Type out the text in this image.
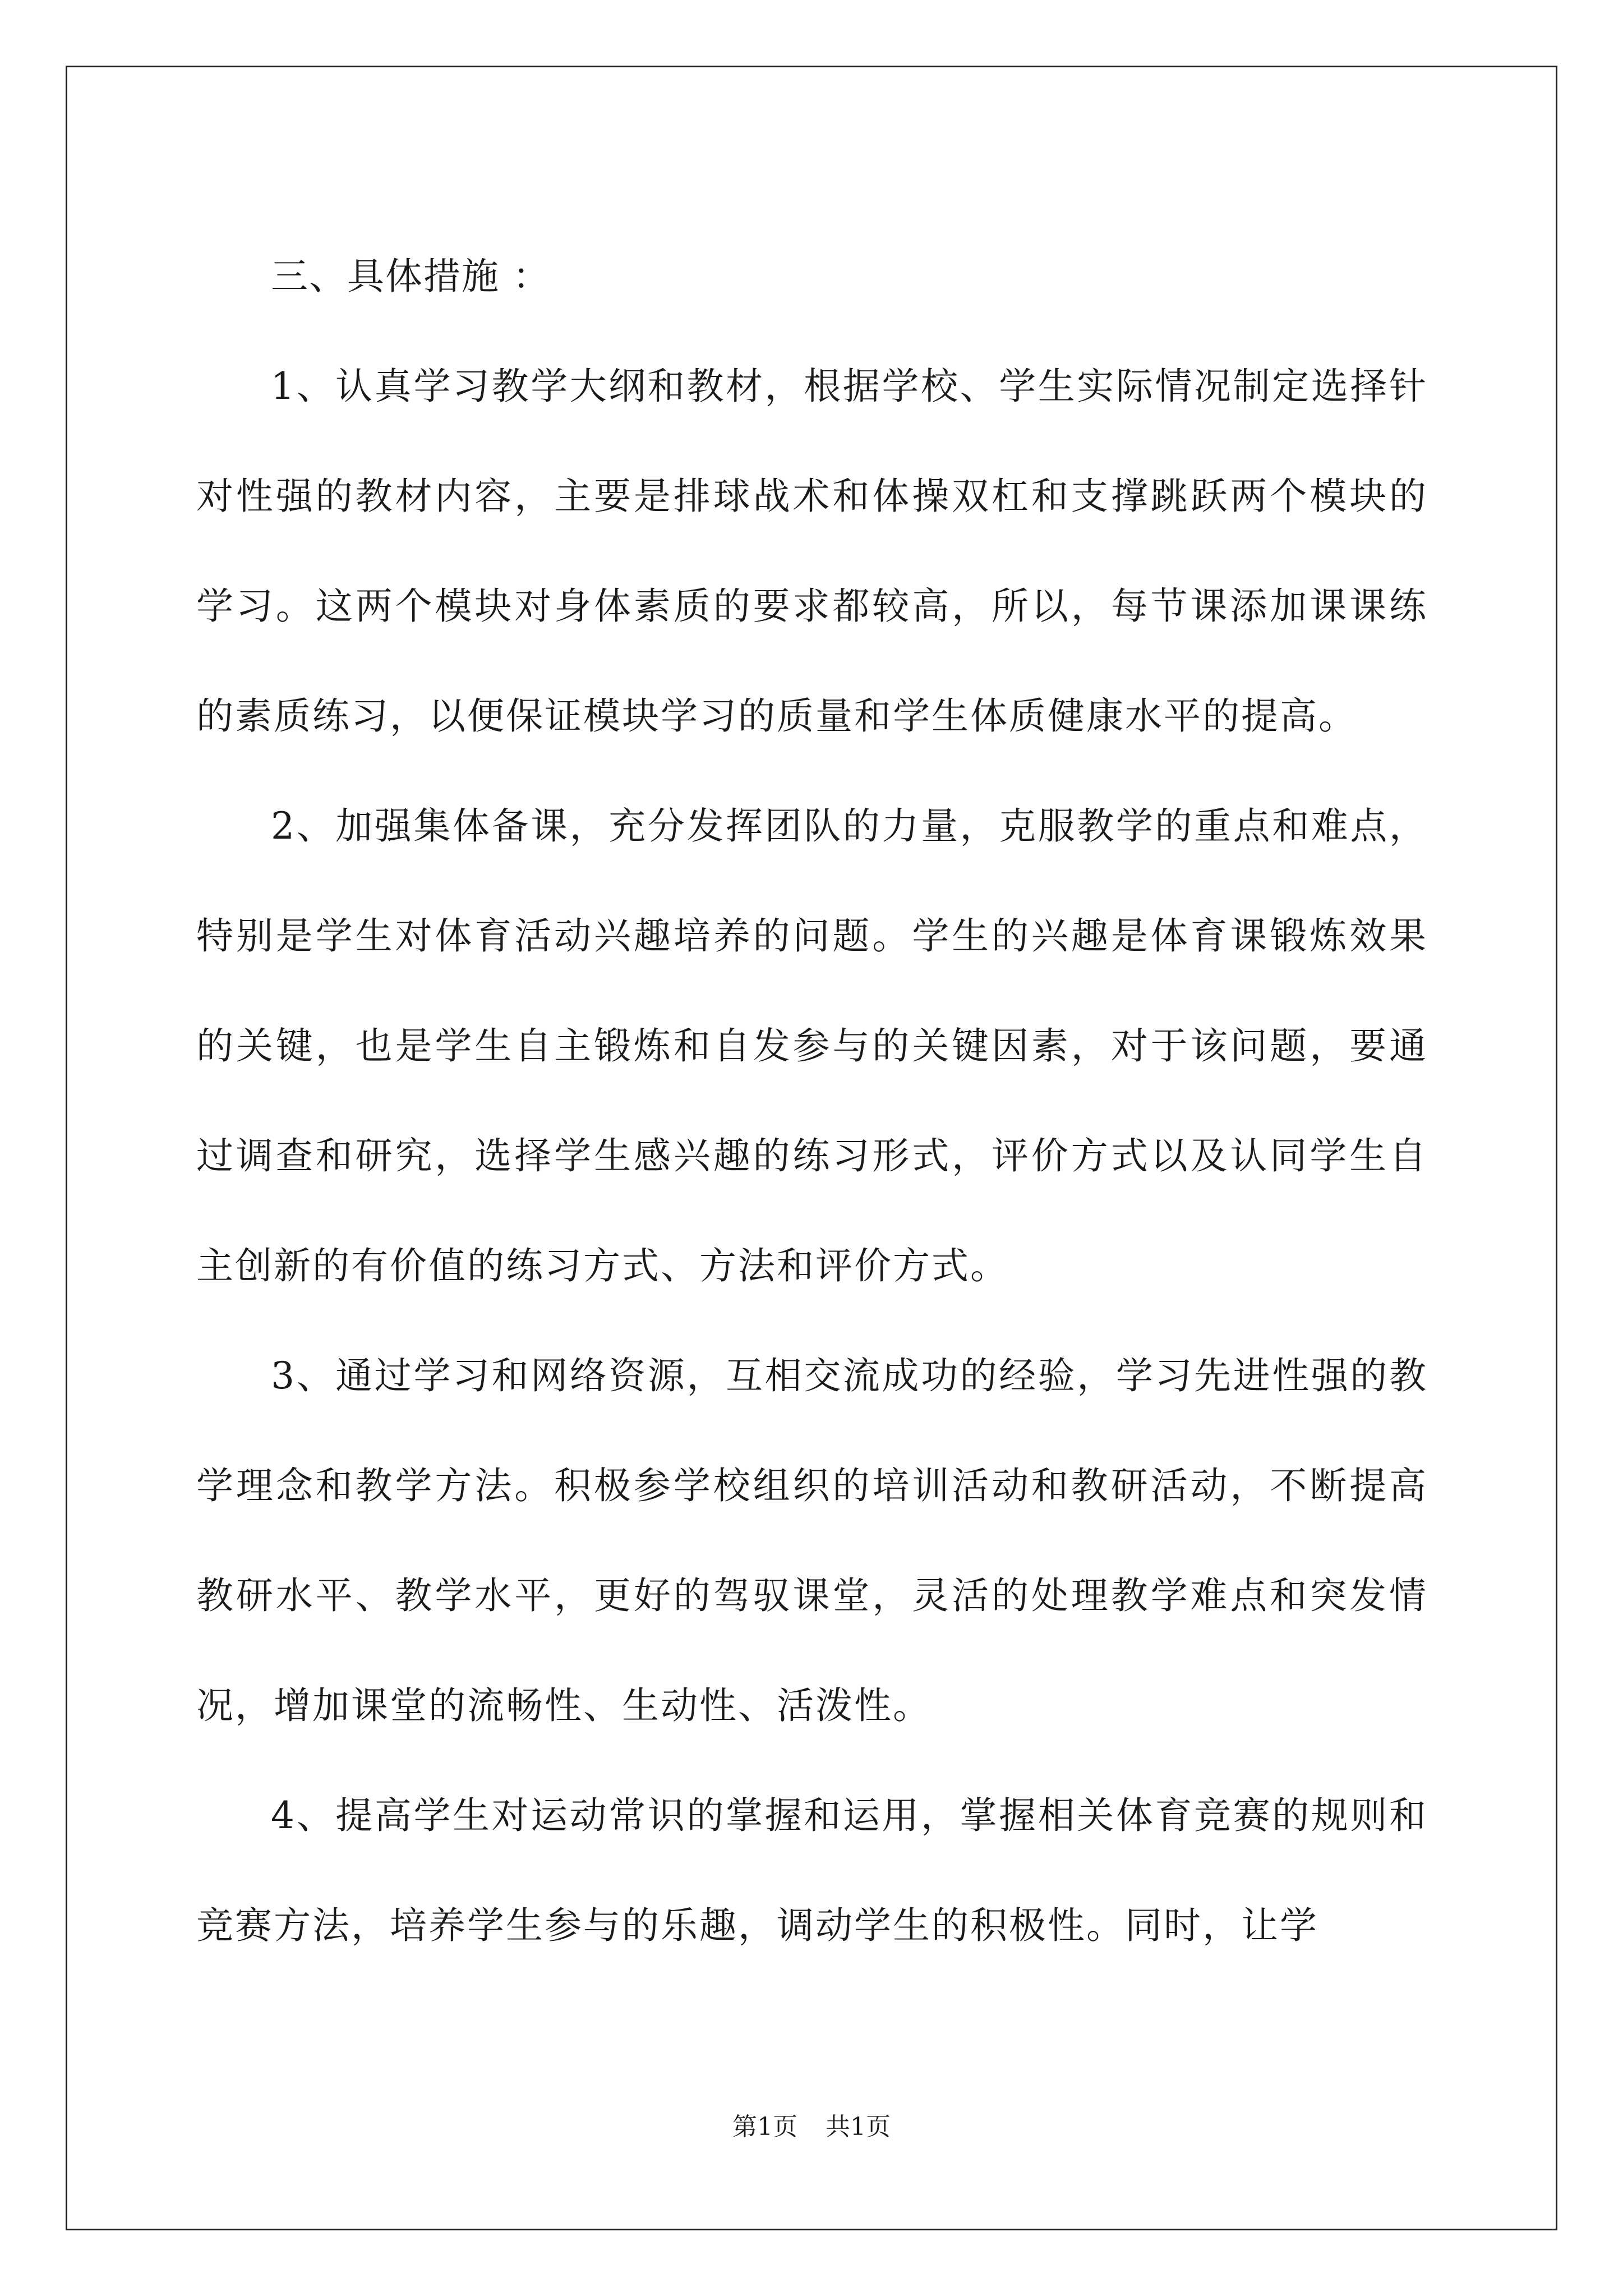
三、具体措施 ：

1、认真学习教学大纲和教材，根据学校、学生实际情况制定选择针对性强的教材内容，主要是排球战术和体操双杠和支撑跳跃两个模块的学习。这两个模块对身体素质的要求都较高，所以，每节课添加课课练的素质练习，以便保证模块学习的质量和学生体质健康水平的提高。

2、加强集体备课，充分发挥团队的力量，克服教学的重点和难点，特别是学生对体育活动兴趣培养的问题。学生的兴趣是体育课锻炼效果的关键，也是学生自主锻炼和自发参与的关键因素，对于该问题，要通过调查和研究，选择学生感兴趣的练习形式，评价方式以及认同学生自主创新的有价值的练习方式、方法和评价方式。

3、通过学习和网络资源，互相交流成功的经验，学习先进性强的教学理念和教学方法。积极参学校组织的培训活动和教研活动，不断提高教研水平、教学水平，更好的驾驭课堂，灵活的处理教学难点和突发情况，增加课堂的流畅性、生动性、活泼性。

4、提高学生对运动常识的掌握和运用，掌握相关体育竞赛的规则和竞赛方法，培养学生参与的乐趣，调动学生的积极性。同时，让学

第1页 共1页
